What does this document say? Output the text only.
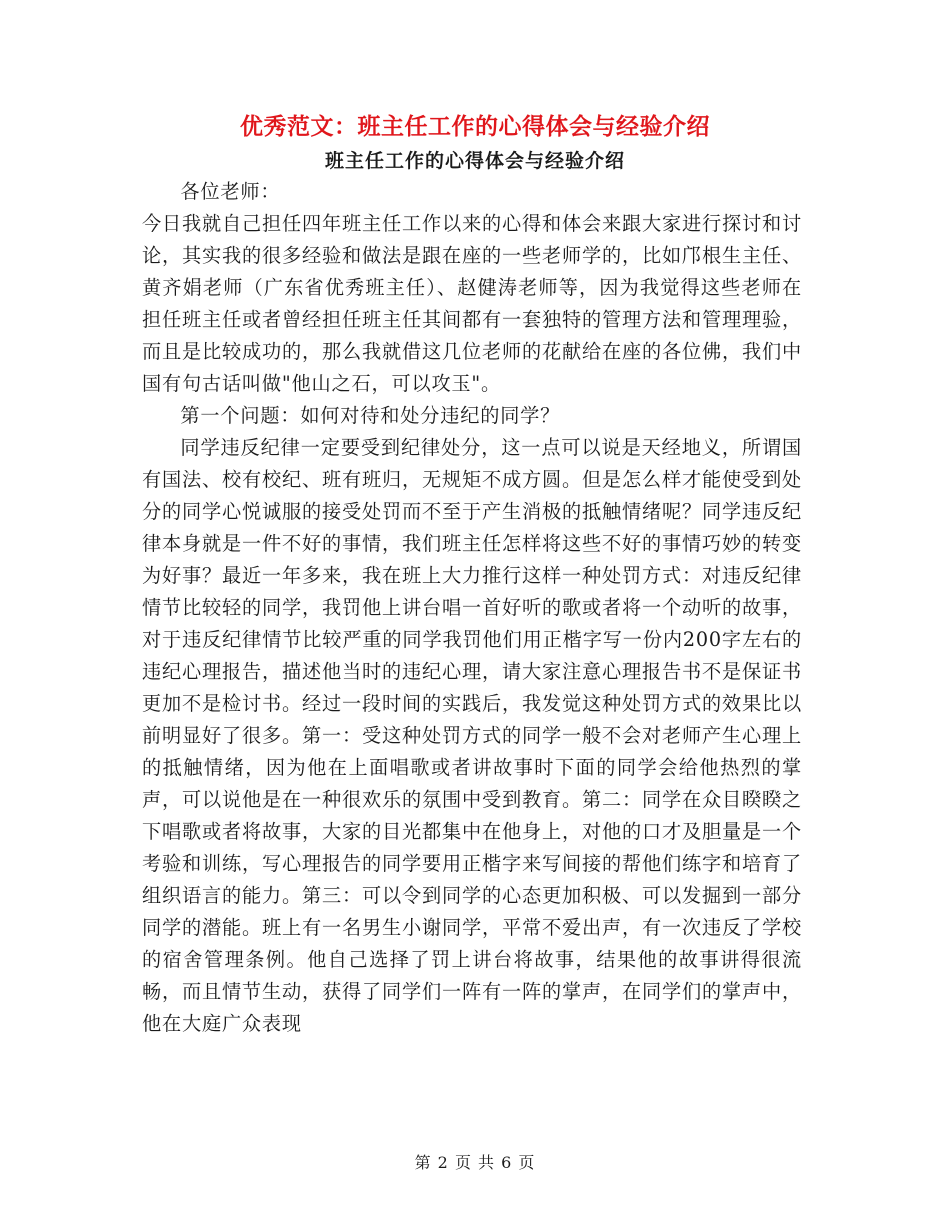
优秀范文：班主任工作的心得体会与经验介绍
班主任工作的心得体会与经验介绍

各位老师：

今日我就自己担任四年班主任工作以来的心得和体会来跟大家进行探讨和讨论，其实我的很多经验和做法是跟在座的一些老师学的，比如邝根生主任、黄齐娟老师（广东省优秀班主任）、赵健涛老师等，因为我觉得这些老师在担任班主任或者曾经担任班主任其间都有一套独特的管理方法和管理理验，而且是比较成功的，那么我就借这几位老师的花献给在座的各位佛，我们中国有句古话叫做"他山之石，可以攻玉"。

第一个问题：如何对待和处分违纪的同学？

同学违反纪律一定要受到纪律处分，这一点可以说是天经地义，所谓国有国法、校有校纪、班有班归，无规矩不成方圆。但是怎么样才能使受到处分的同学心悦诚服的接受处罚而不至于产生消极的抵触情绪呢？同学违反纪律本身就是一件不好的事情，我们班主任怎样将这些不好的事情巧妙的转变为好事？最近一年多来，我在班上大力推行这样一种处罚方式：对违反纪律情节比较轻的同学，我罚他上讲台唱一首好听的歌或者将一个动听的故事，对于违反纪律情节比较严重的同学我罚他们用正楷字写一份内200字左右的违纪心理报告，描述他当时的违纪心理，请大家注意心理报告书不是保证书更加不是检讨书。经过一段时间的实践后，我发觉这种处罚方式的效果比以前明显好了很多。第一：受这种处罚方式的同学一般不会对老师产生心理上的抵触情绪，因为他在上面唱歌或者讲故事时下面的同学会给他热烈的掌声，可以说他是在一种很欢乐的氛围中受到教育。第二：同学在众目睽睽之下唱歌或者将故事，大家的目光都集中在他身上，对他的口才及胆量是一个考验和训练，写心理报告的同学要用正楷字来写间接的帮他们练字和培育了组织语言的能力。第三：可以令到同学的心态更加积极、可以发掘到一部分同学的潜能。班上有一名男生小谢同学，平常不爱出声，有一次违反了学校的宿舍管理条例。他自己选择了罚上讲台将故事，结果他的故事讲得很流畅，而且情节生动，获得了同学们一阵有一阵的掌声，在同学们的掌声中，他在大庭广众表现

第 2 页 共 6 页
